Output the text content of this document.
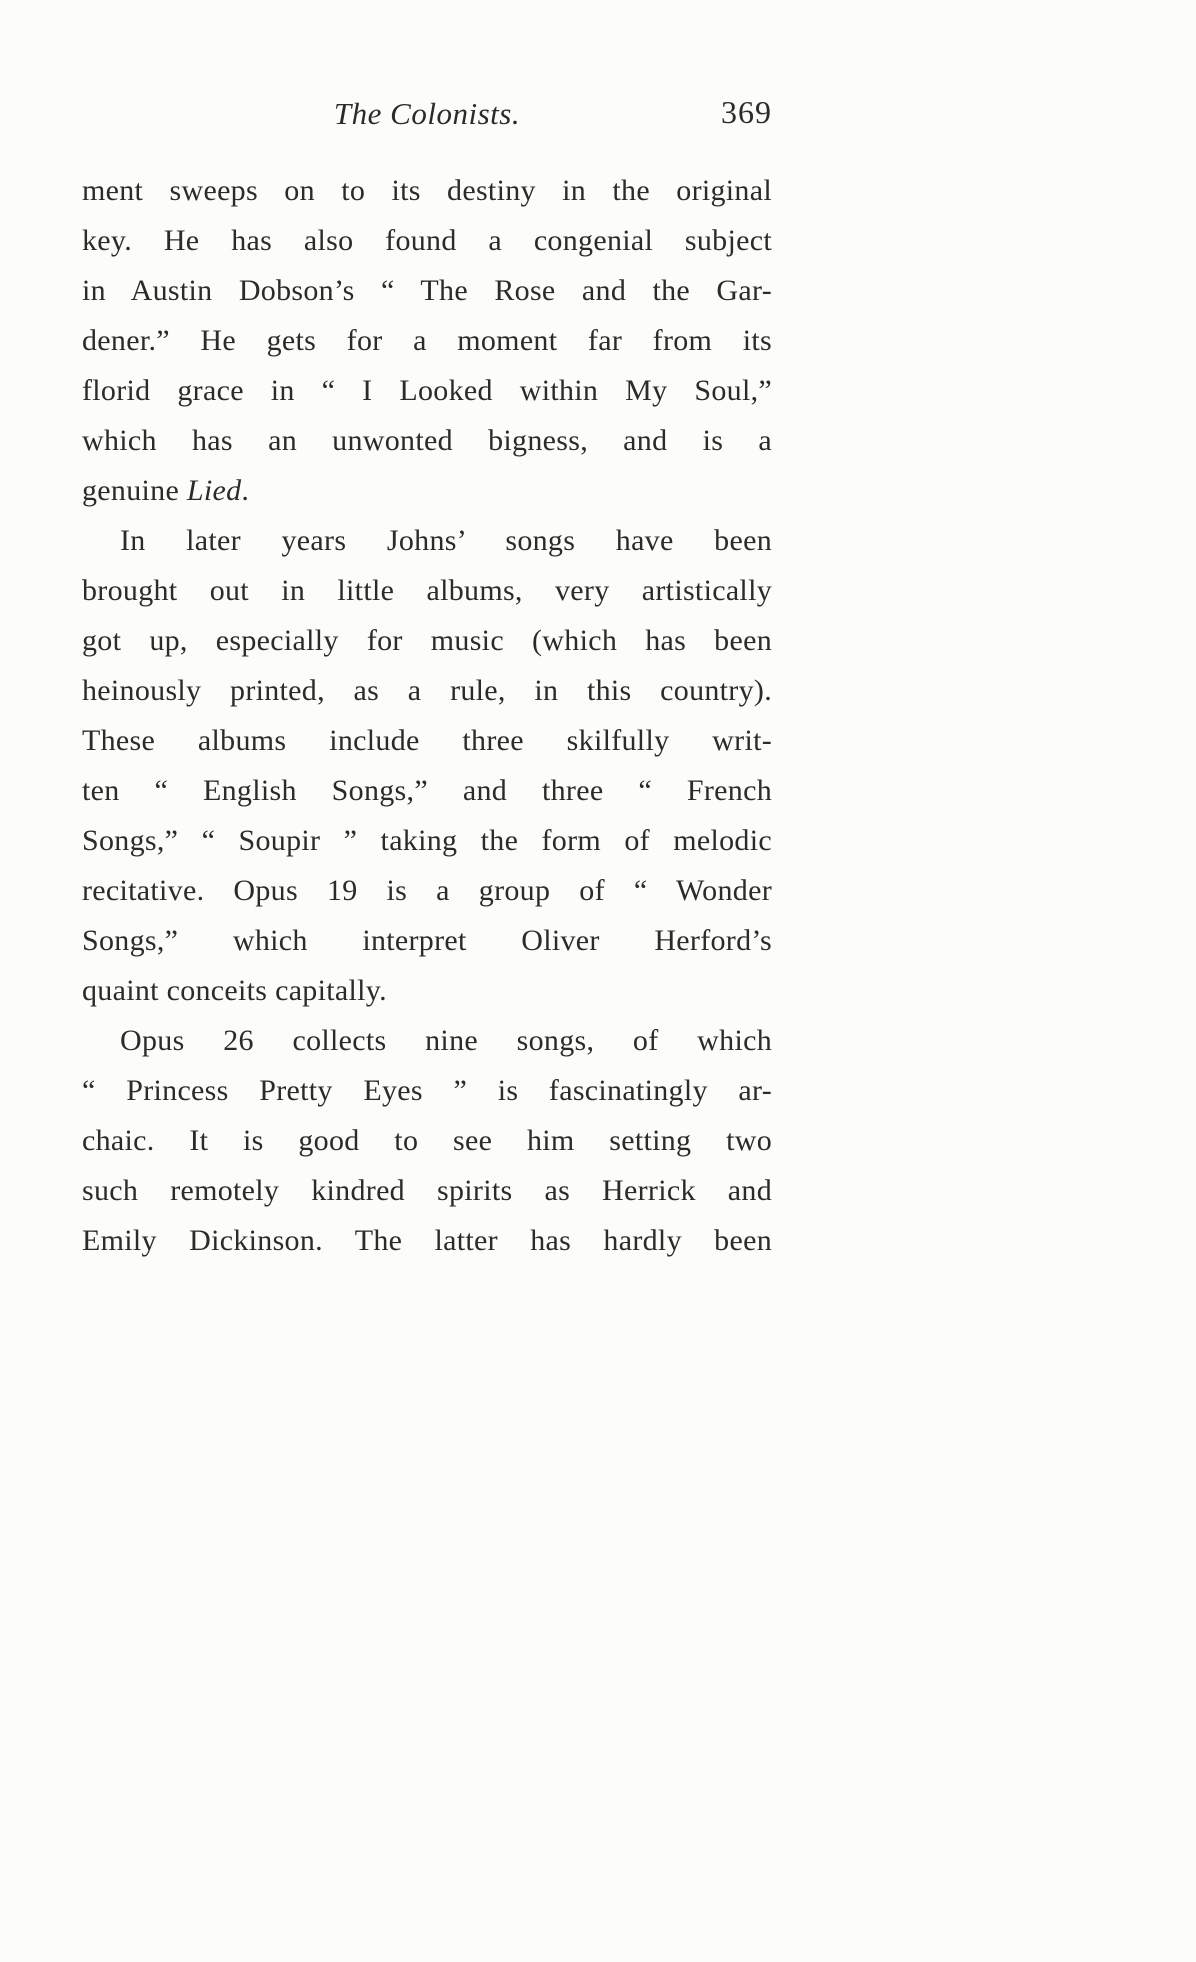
The Colonists.	369
ment sweeps on to its destiny in the original
key. He has also found a congenial subject
in Austin Dobson’s “ The Rose and the Gar-
dener.” He gets for a moment far from its
florid grace in “ I Looked within My Soul,”
which has an unwonted bigness, and is a
genuine Lied.
In later years Johns’ songs have been
brought out in little albums, very artistically
got up, especially for music (which has been
heinously printed, as a rule, in this country).
These albums include three skilfully writ-
ten “ English Songs,” and three “ French
Songs,” “ Soupir ” taking the form of melodic
recitative. Opus 19 is a group of “ Wonder
Songs,” which interpret Oliver Herford’s
quaint conceits capitally.
Opus 26 collects nine songs, of which
“ Princess Pretty Eyes ” is fascinatingly ar-
chaic. It is good to see him setting two
such remotely kindred spirits as Herrick and
Emily Dickinson. The latter has hardly been
